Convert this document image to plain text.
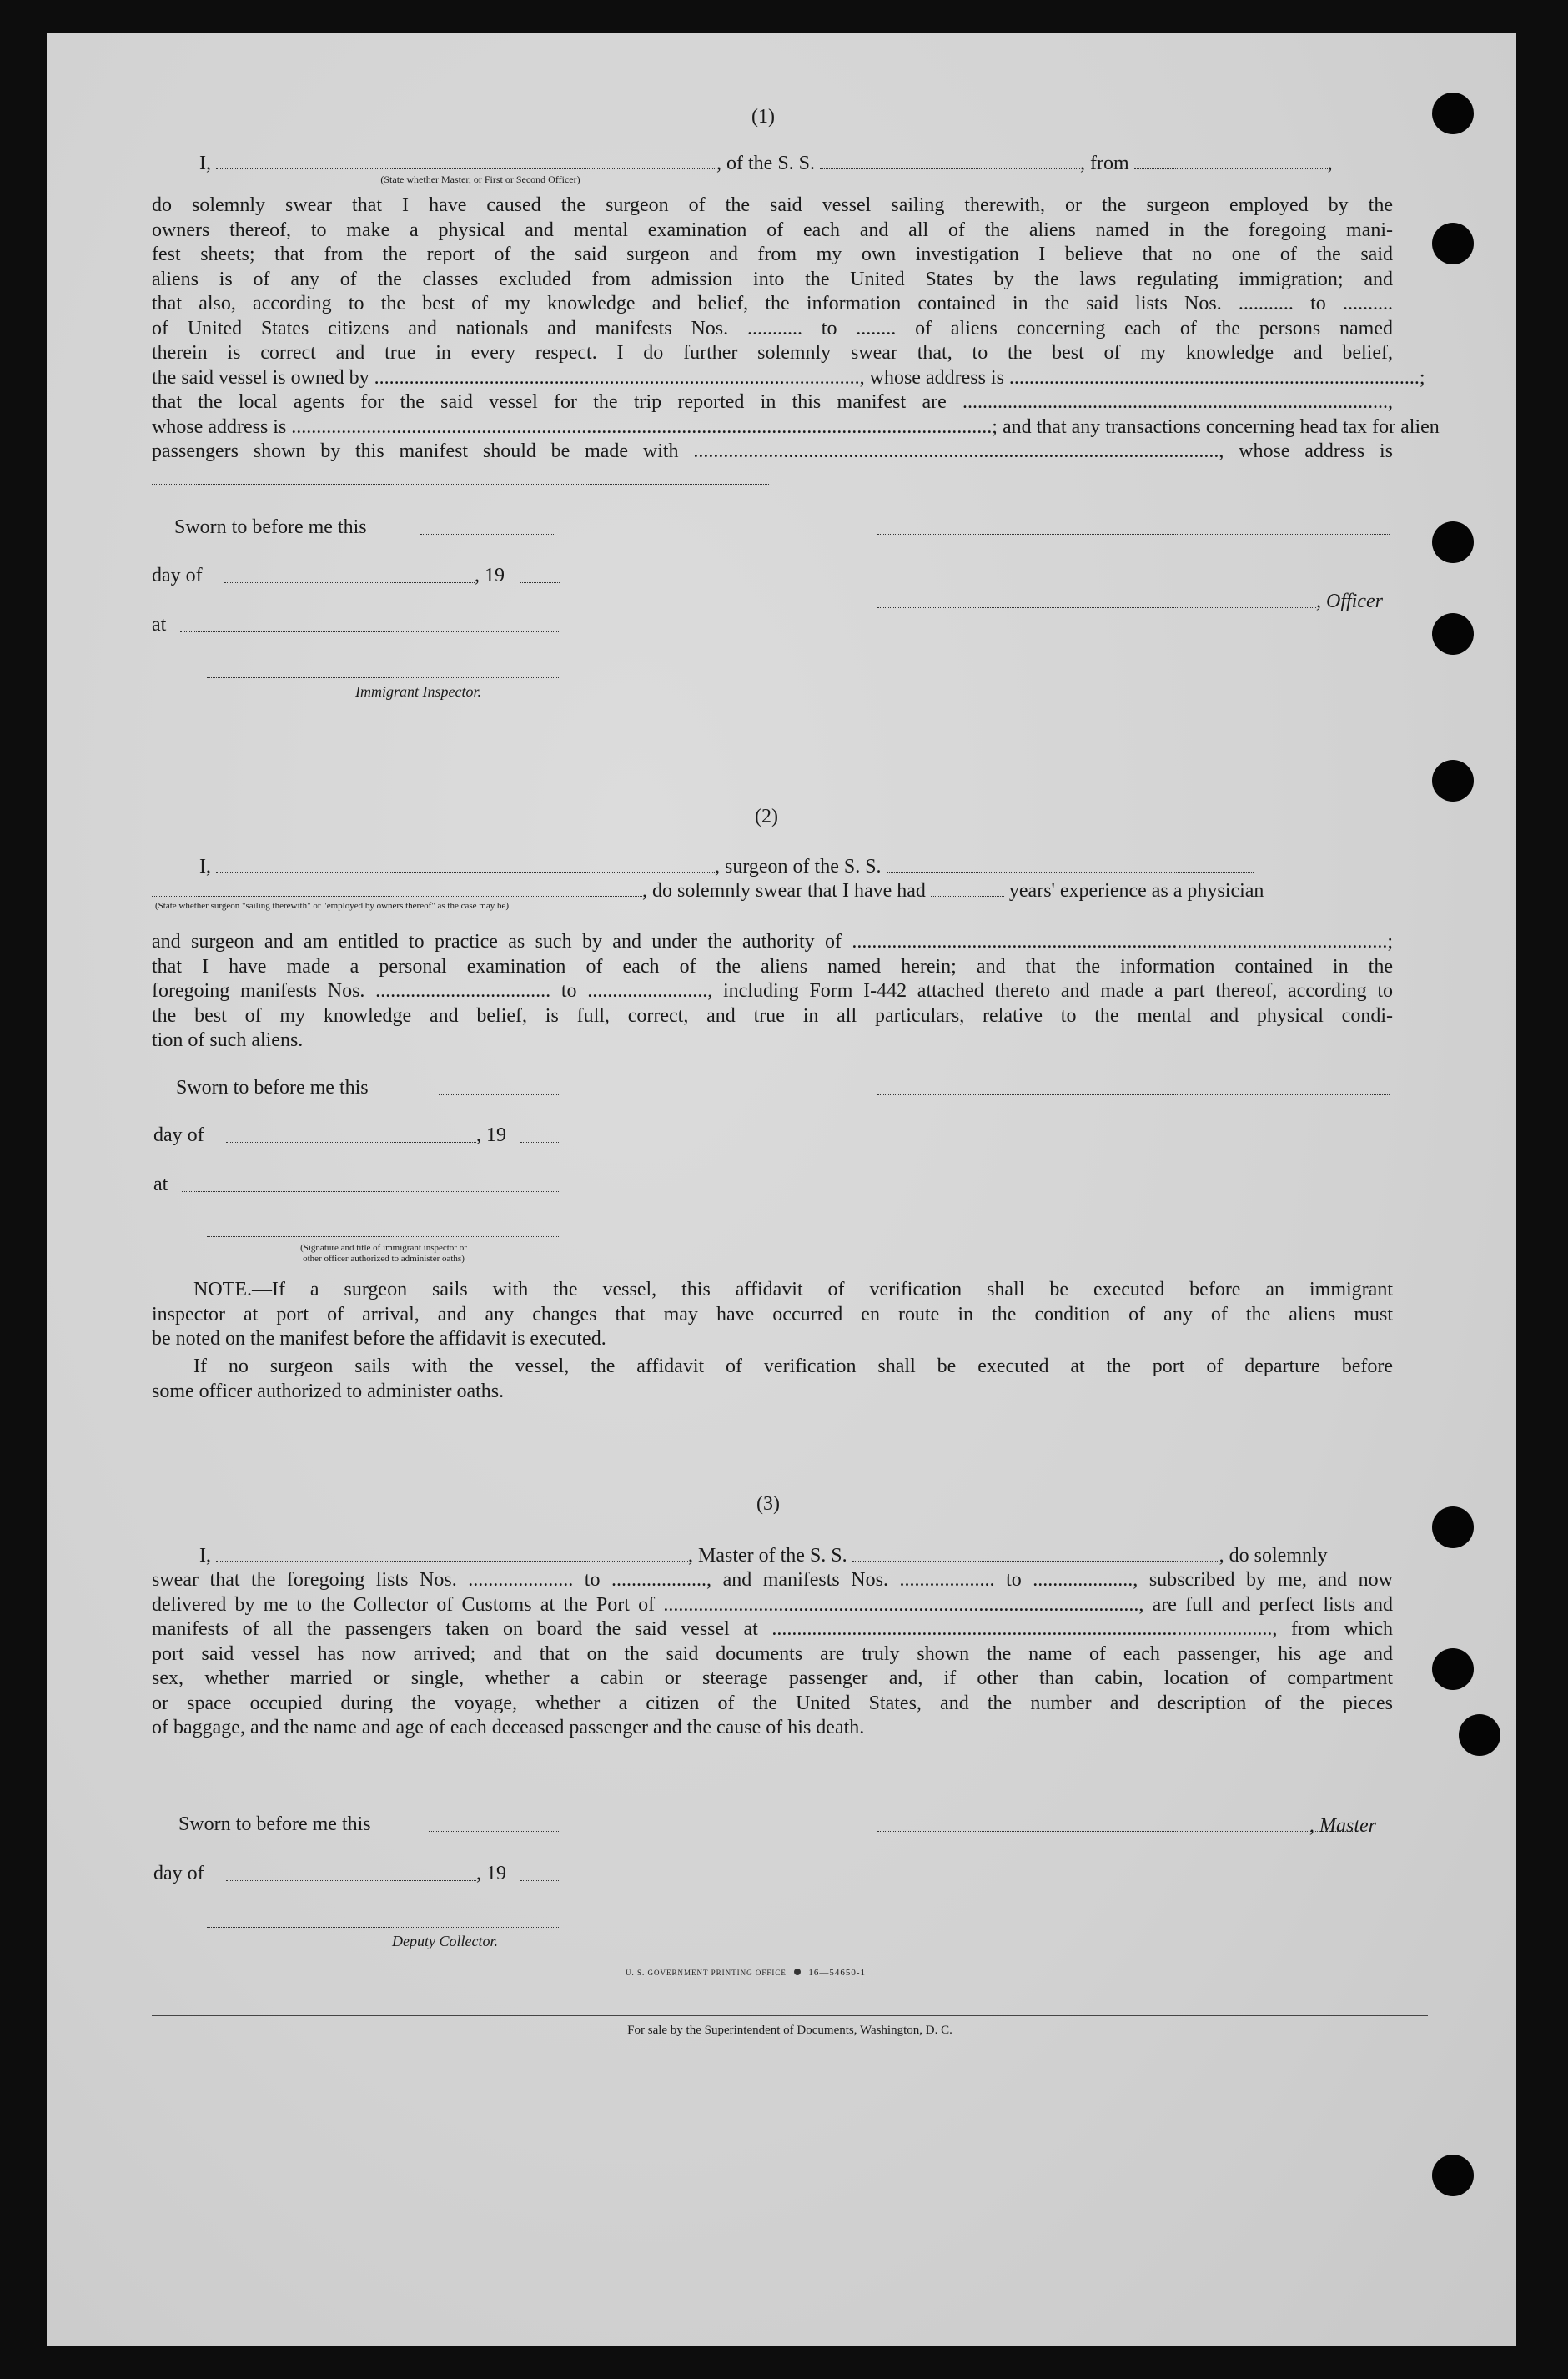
(1)
I,	, of the S. S.	, from	,
(State whether Master, or First or Second Officer)
do solemnly swear that I have caused the surgeon of the said vessel sailing therewith, or the surgeon employed by the
owners thereof, to make a physical and mental examination of each and all of the aliens named in the foregoing mani-
fest sheets; that from the report of the said surgeon and from my own investigation I believe that no one of the said
aliens is of any of the classes excluded from admission into the United States by the laws regulating immigration; and
that also, according to the best of my knowledge and belief, the information contained in the said lists Nos. ........... to ..........
of United States citizens and nationals and manifests Nos. ........... to ........ of aliens concerning each of the persons named
therein is correct and true in every respect. I do further solemnly swear that, to the best of my knowledge and belief,
the said vessel is owned by ................................................................................................., whose address is ..................................................................................;
that the local agents for the said vessel for the trip reported in this manifest are .....................................................................................,
whose address is ............................................................................................................................................; and that any transactions concerning head tax for alien
passengers shown by this manifest should be made with ........................................................................................................., whose address is
Sworn to before me this
day of	, 19
, Officer
at
Immigrant Inspector.
(2)
I,	, surgeon of the S. S.
, do solemnly swear that I have had	years' experience as a physician
(State whether surgeon "sailing therewith" or "employed by owners thereof" as the case may be)
and surgeon and am entitled to practice as such by and under the authority of ...........................................................................................................;
that I have made a personal examination of each of the aliens named herein; and that the information contained in the
foregoing manifests Nos. ................................... to ........................, including Form I-442 attached thereto and made a part thereof, according to
the best of my knowledge and belief, is full, correct, and true in all particulars, relative to the mental and physical condi-
tion of such aliens.
Sworn to before me this
day of	, 19
at
(Signature and title of immigrant inspector or
other officer authorized to administer oaths)
NOTE.—If a surgeon sails with the vessel, this affidavit of verification shall be executed before an immigrant
inspector at port of arrival, and any changes that may have occurred en route in the condition of any of the aliens must
be noted on the manifest before the affidavit is executed.
If no surgeon sails with the vessel, the affidavit of verification shall be executed at the port of departure before
some officer authorized to administer oaths.
(3)
I,	, Master of the S. S.	, do solemnly
swear that the foregoing lists Nos. ..................... to ..................., and manifests Nos. ................... to ...................., subscribed by me, and now
delivered by me to the Collector of Customs at the Port of ..............................................................................................., are full and perfect lists and
manifests of all the passengers taken on board the said vessel at ...................................................................................................., from which
port said vessel has now arrived; and that on the said documents are truly shown the name of each passenger, his age and
sex, whether married or single, whether a cabin or steerage passenger and, if other than cabin, location of compartment
or space occupied during the voyage, whether a citizen of the United States, and the number and description of the pieces
of baggage, and the name and age of each deceased passenger and the cause of his death.
Sworn to before me this	, Master
day of	, 19
Deputy Collector.
U. S. GOVERNMENT PRINTING OFFICE 16—54650-1
For sale by the Superintendent of Documents, Washington, D. C.
